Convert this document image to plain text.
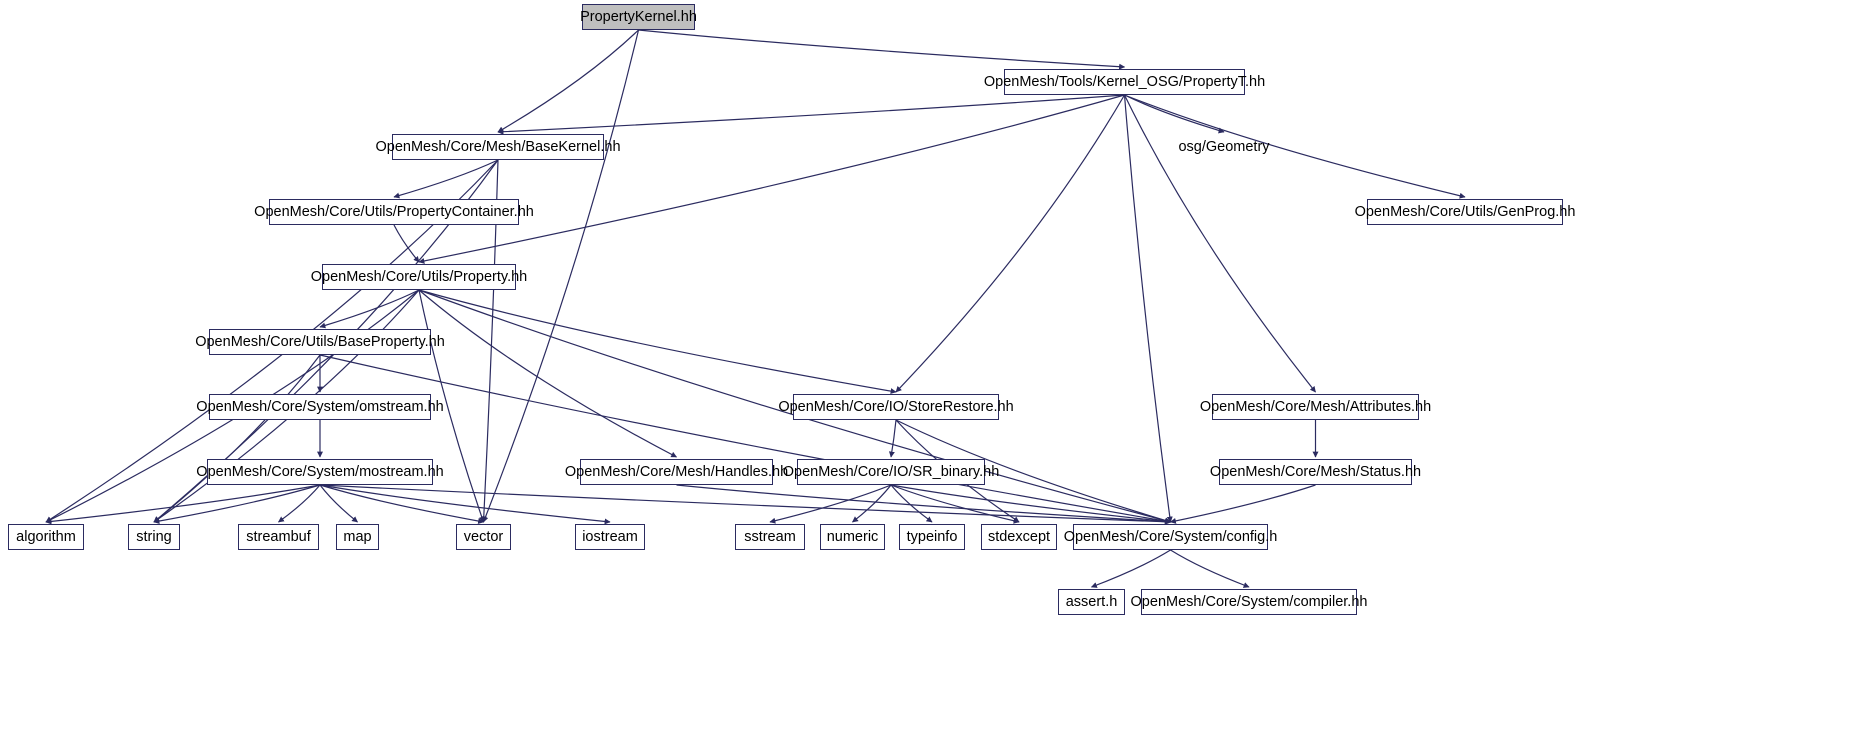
PropertyKernel.hh
OpenMesh/Tools/Kernel_OSG/PropertyT.hh
OpenMesh/Core/Mesh/BaseKernel.hh	osg/Geometry
OpenMesh/Core/Utils/GenProg.hh
OpenMesh/Core/Utils/PropertyContainer.hh
OpenMesh/Core/Utils/Property.hh
OpenMesh/Core/Utils/BaseProperty.hh
OpenMesh/Core/System/omstream.hh	OpenMesh/Core/IO/StoreRestore.hh	OpenMesh/Core/Mesh/Attributes.hh
OpenMesh/Core/System/mostream.hh	OpenMesh/Core/Mesh/Handles.hh
OpenMesh/Core/IO/SR_binary.hh	OpenMesh/Core/Mesh/Status.hh
algorithm	string	streambuf	map	vector	iostream	sstream	numeric	typeinfo	stdexcept OpenMesh/Core/System/config.h
assert.h OpenMesh/Core/System/compiler.hh
